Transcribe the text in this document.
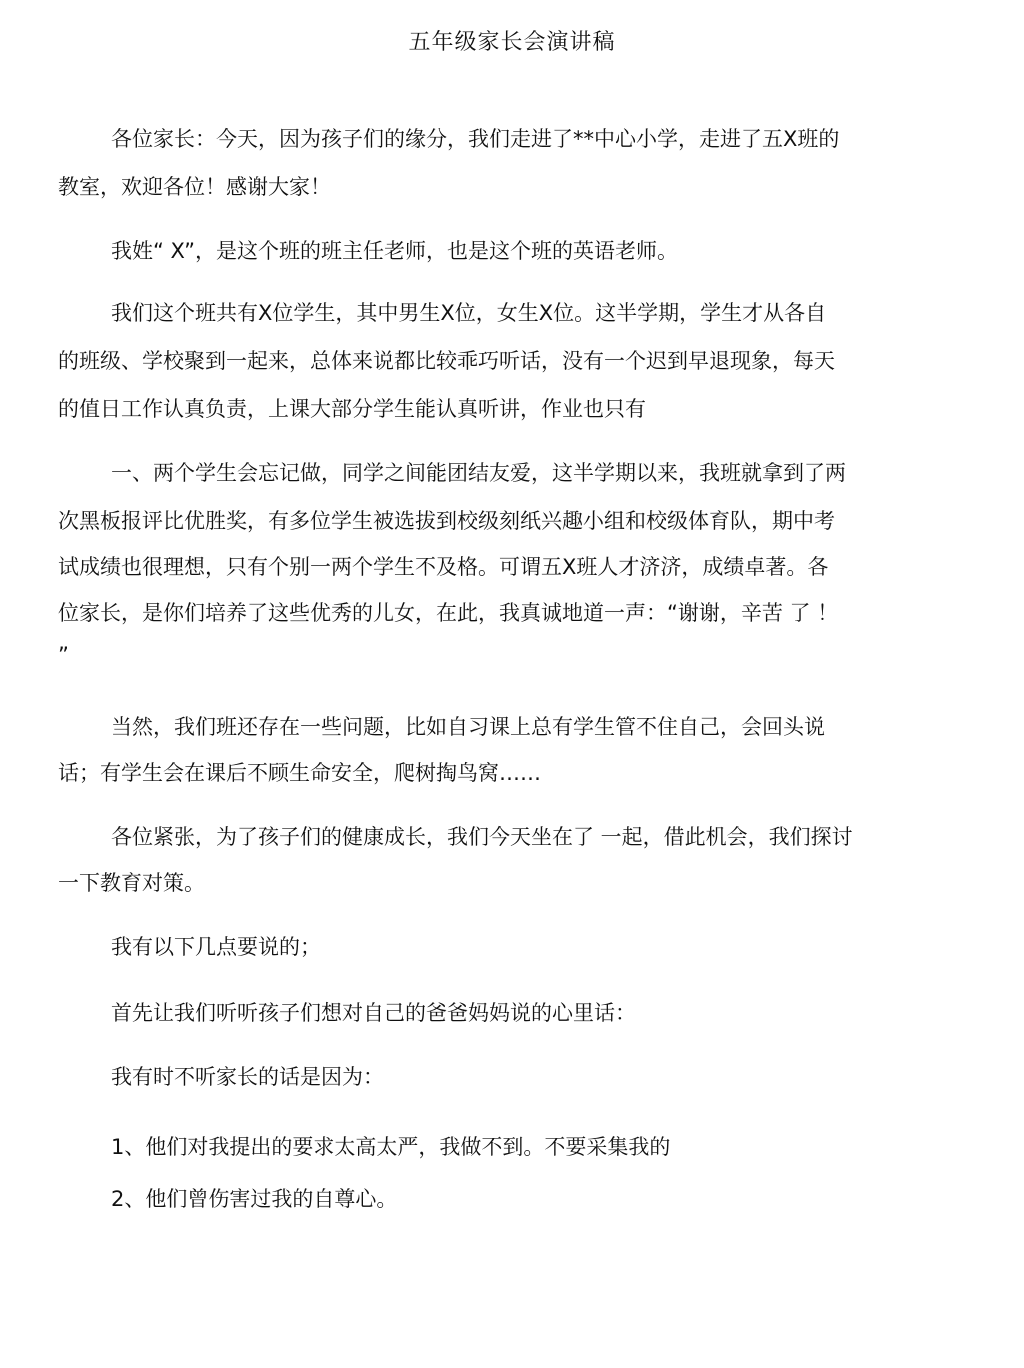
五年级家长会演讲稿

各位家长：今天，因为孩子们的缘分，我们走进了**中心小学，走进了五X班的

教室，欢迎各位！感谢大家！

我姓“ X”，是这个班的班主任老师，也是这个班的英语老师。

我们这个班共有X位学生，其中男生X位，女生X位。这半学期，学生才从各自

的班级、学校聚到一起来，总体来说都比较乖巧听话，没有一个迟到早退现象，每天

的值日工作认真负责，上课大部分学生能认真听讲，作业也只有

一、两个学生会忘记做，同学之间能团结友爱，这半学期以来，我班就拿到了两

次黑板报评比优胜奖，有多位学生被选拔到校级刻纸兴趣小组和校级体育队，期中考

试成绩也很理想，只有个别一两个学生不及格。可谓五X班人才济济，成绩卓著。各

位家长，是你们培养了这些优秀的儿女，在此，我真诚地道一声：“谢谢，辛苦 了 ！

”

当然，我们班还存在一些问题，比如自习课上总有学生管不住自己，会回头说

话；有学生会在课后不顾生命安全，爬树掏鸟窝……

各位紧张，为了孩子们的健康成长，我们今天坐在了 一起，借此机会，我们探讨

一下教育对策。

我有以下几点要说的；

首先让我们听听孩子们想对自己的爸爸妈妈说的心里话：

我有时不听家长的话是因为：

1、他们对我提出的要求太高太严，我做不到。不要采集我的

2、他们曾伤害过我的自尊心。
